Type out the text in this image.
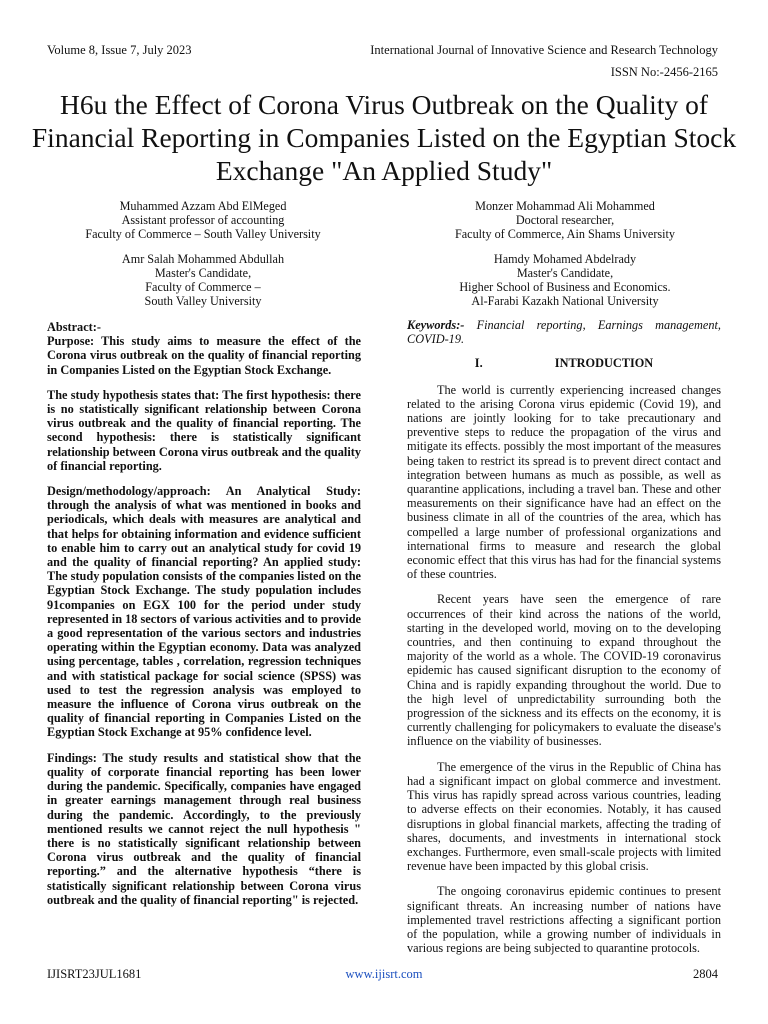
Volume 8, Issue 7, July 2023	International Journal of Innovative Science and Research Technology
ISSN No:-2456-2165
H6u the Effect of Corona Virus Outbreak on the Quality of Financial Reporting in Companies Listed on the Egyptian Stock Exchange "An Applied Study"
Muhammed Azzam Abd ElMeged
Assistant professor of accounting
Faculty of Commerce – South Valley University
Monzer Mohammad Ali Mohammed
Doctoral researcher,
Faculty of Commerce, Ain Shams University
Amr Salah Mohammed Abdullah
Master's Candidate,
Faculty of Commerce –
South Valley University
Hamdy Mohamed Abdelrady
Master's Candidate,
Higher School of Business and Economics.
Al-Farabi Kazakh National University
Abstract:-

Purpose: This study aims to measure the effect of the Corona virus outbreak on the quality of financial reporting in Companies Listed on the Egyptian Stock Exchange.

The study hypothesis states that: The first hypothesis: there is no statistically significant relationship between Corona virus outbreak and the quality of financial reporting. The second hypothesis: there is statistically significant relationship between Corona virus outbreak and the quality of financial reporting.

Design/methodology/approach: An Analytical Study: through the analysis of what was mentioned in books and periodicals, which deals with measures are analytical and that helps for obtaining information and evidence sufficient to enable him to carry out an analytical study for covid 19 and the quality of financial reporting? An applied study: The study population consists of the companies listed on the Egyptian Stock Exchange. The study population includes 91companies on EGX 100 for the period under study represented in 18 sectors of various activities and to provide a good representation of the various sectors and industries operating within the Egyptian economy. Data was analyzed using percentage, tables , correlation, regression techniques and with statistical package for social science (SPSS) was used to test the regression analysis was employed to measure the influence of Corona virus outbreak on the quality of financial reporting in Companies Listed on the Egyptian Stock Exchange at 95% confidence level.

Findings: The study results and statistical show that the quality of corporate financial reporting has been lower during the pandemic. Specifically, companies have engaged in greater earnings management through real business during the pandemic. Accordingly, to the previously mentioned results we cannot reject the null hypothesis " there is no statistically significant relationship between Corona virus outbreak and the quality of financial reporting.” and the alternative hypothesis “there is statistically significant relationship between Corona virus outbreak and the quality of financial reporting" is rejected.

Keywords:- Financial reporting, Earnings management, COVID-19.
I.	INTRODUCTION

The world is currently experiencing increased changes related to the arising Corona virus epidemic (Covid 19), and nations are jointly looking for to take precautionary and preventive steps to reduce the propagation of the virus and mitigate its effects. possibly the most important of the measures being taken to restrict its spread is to prevent direct contact and integration between humans as much as possible, as well as quarantine applications, including a travel ban. These and other measurements on their significance have had an effect on the business climate in all of the countries of the area, which has compelled a large number of professional organizations and international firms to measure and research the global economic effect that this virus has had for the financial systems of these countries.

Recent years have seen the emergence of rare occurrences of their kind across the nations of the world, starting in the developed world, moving on to the developing countries, and then continuing to expand throughout the majority of the world as a whole. The COVID-19 coronavirus epidemic has caused significant disruption to the economy of China and is rapidly expanding throughout the world. Due to the high level of unpredictability surrounding both the progression of the sickness and its effects on the economy, it is currently challenging for policymakers to evaluate the disease's influence on the viability of businesses.

The emergence of the virus in the Republic of China has had a significant impact on global commerce and investment. This virus has rapidly spread across various countries, leading to adverse effects on their economies. Notably, it has caused disruptions in global financial markets, affecting the trading of shares, documents, and investments in international stock exchanges. Furthermore, even small-scale projects with limited revenue have been impacted by this global crisis.

The ongoing coronavirus epidemic continues to present significant threats. An increasing number of nations have implemented travel restrictions affecting a significant portion of the population, while a growing number of individuals in various regions are being subjected to quarantine protocols.

IJISRT23JUL1681	www.ijisrt.com	2804
